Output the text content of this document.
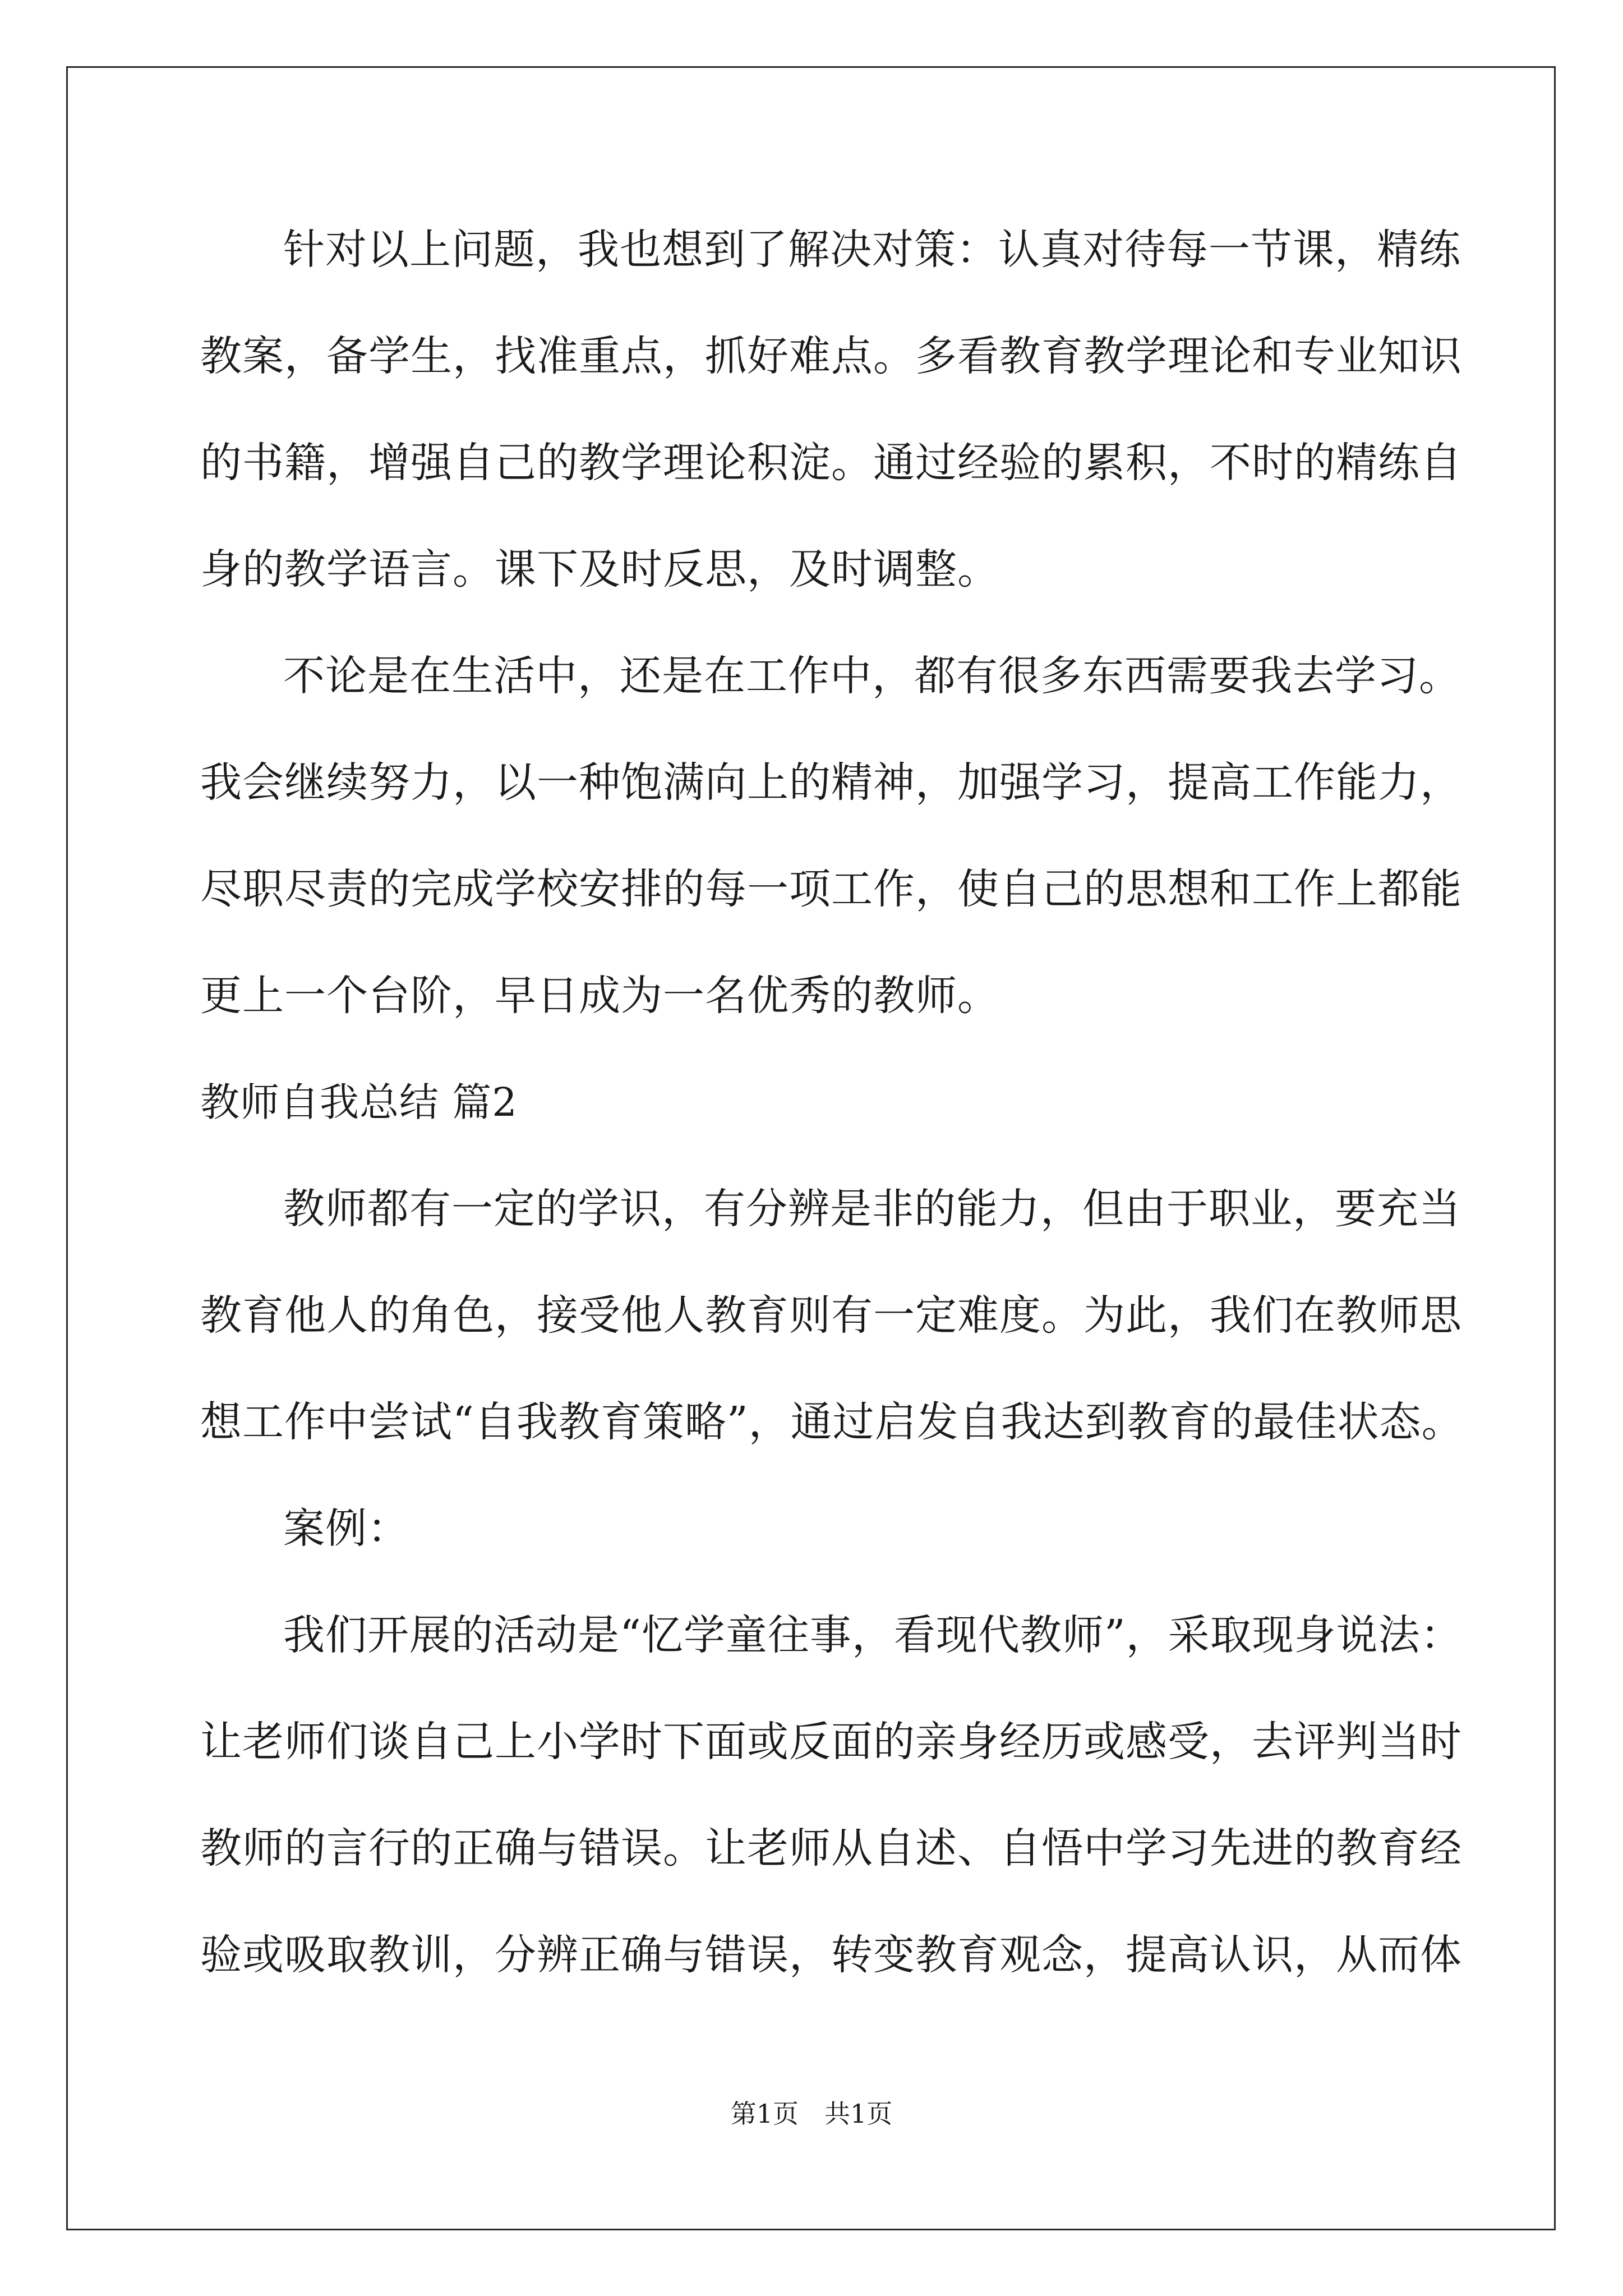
针对以上问题，我也想到了解决对策：认真对待每一节课，精练
教案，备学生，找准重点，抓好难点。多看教育教学理论和专业知识
的书籍，增强自己的教学理论积淀。通过经验的累积，不时的精练自
身的教学语言。课下及时反思，及时调整。
不论是在生活中，还是在工作中，都有很多东西需要我去学习。
我会继续努力，以一种饱满向上的精神，加强学习，提高工作能力，
尽职尽责的完成学校安排的每一项工作，使自己的思想和工作上都能
更上一个台阶，早日成为一名优秀的教师。
教师自我总结 篇2
教师都有一定的学识，有分辨是非的能力，但由于职业，要充当
教育他人的角色，接受他人教育则有一定难度。为此，我们在教师思
想工作中尝试“自我教育策略”，通过启发自我达到教育的最佳状态。
案例：
我们开展的活动是“忆学童往事，看现代教师”，采取现身说法：
让老师们谈自己上小学时下面或反面的亲身经历或感受，去评判当时
教师的言行的正确与错误。让老师从自述、自悟中学习先进的教育经
验或吸取教训，分辨正确与错误，转变教育观念，提高认识，从而体
第1页　共1页
